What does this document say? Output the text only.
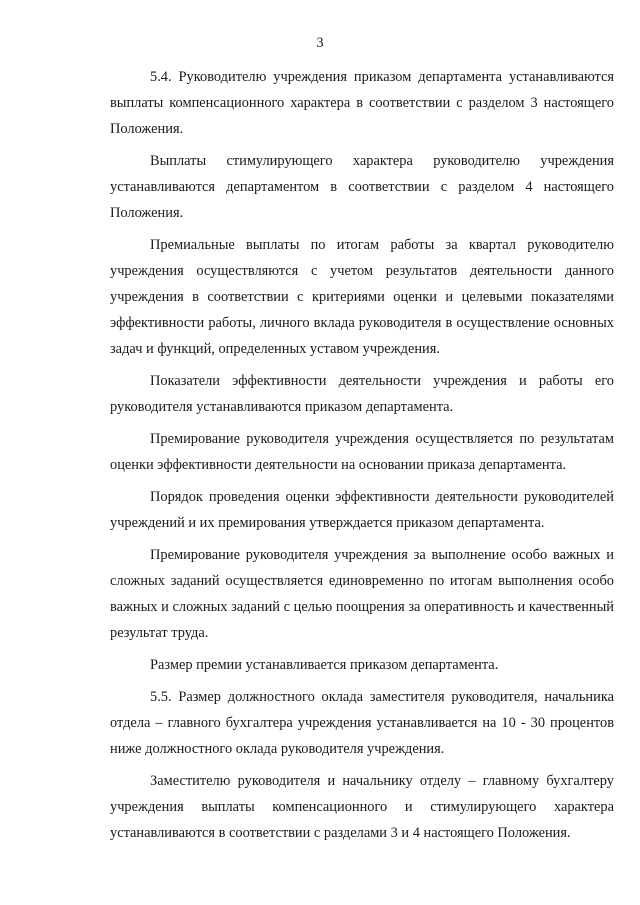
3

5.4. Руководителю учреждения приказом департамента устанавливаются выплаты компенсационного характера в соответствии с разделом 3 настоящего Положения.

Выплаты стимулирующего характера руководителю учреждения устанавливаются департаментом в соответствии с разделом 4 настоящего Положения.

Премиальные выплаты по итогам работы за квартал руководителю учреждения осуществляются с учетом результатов деятельности данного учреждения в соответствии с критериями оценки и целевыми показателями эффективности работы, личного вклада руководителя в осуществление основных задач и функций, определенных уставом учреждения.

Показатели эффективности деятельности учреждения и работы его руководителя устанавливаются приказом департамента.

Премирование руководителя учреждения осуществляется по результатам оценки эффективности деятельности на основании приказа департамента.

Порядок проведения оценки эффективности деятельности руководителей учреждений и их премирования утверждается приказом департамента.

Премирование руководителя учреждения за выполнение особо важных и сложных заданий осуществляется единовременно по итогам выполнения особо важных и сложных заданий с целью поощрения за оперативность и качественный результат труда.

Размер премии устанавливается приказом департамента.

5.5. Размер должностного оклада заместителя руководителя, начальника отдела – главного бухгалтера учреждения устанавливается на 10 - 30 процентов ниже должностного оклада руководителя учреждения.

Заместителю руководителя и начальнику отделу – главному бухгалтеру учреждения выплаты компенсационного и стимулирующего характера устанавливаются в соответствии с разделами 3 и 4 настоящего Положения.
